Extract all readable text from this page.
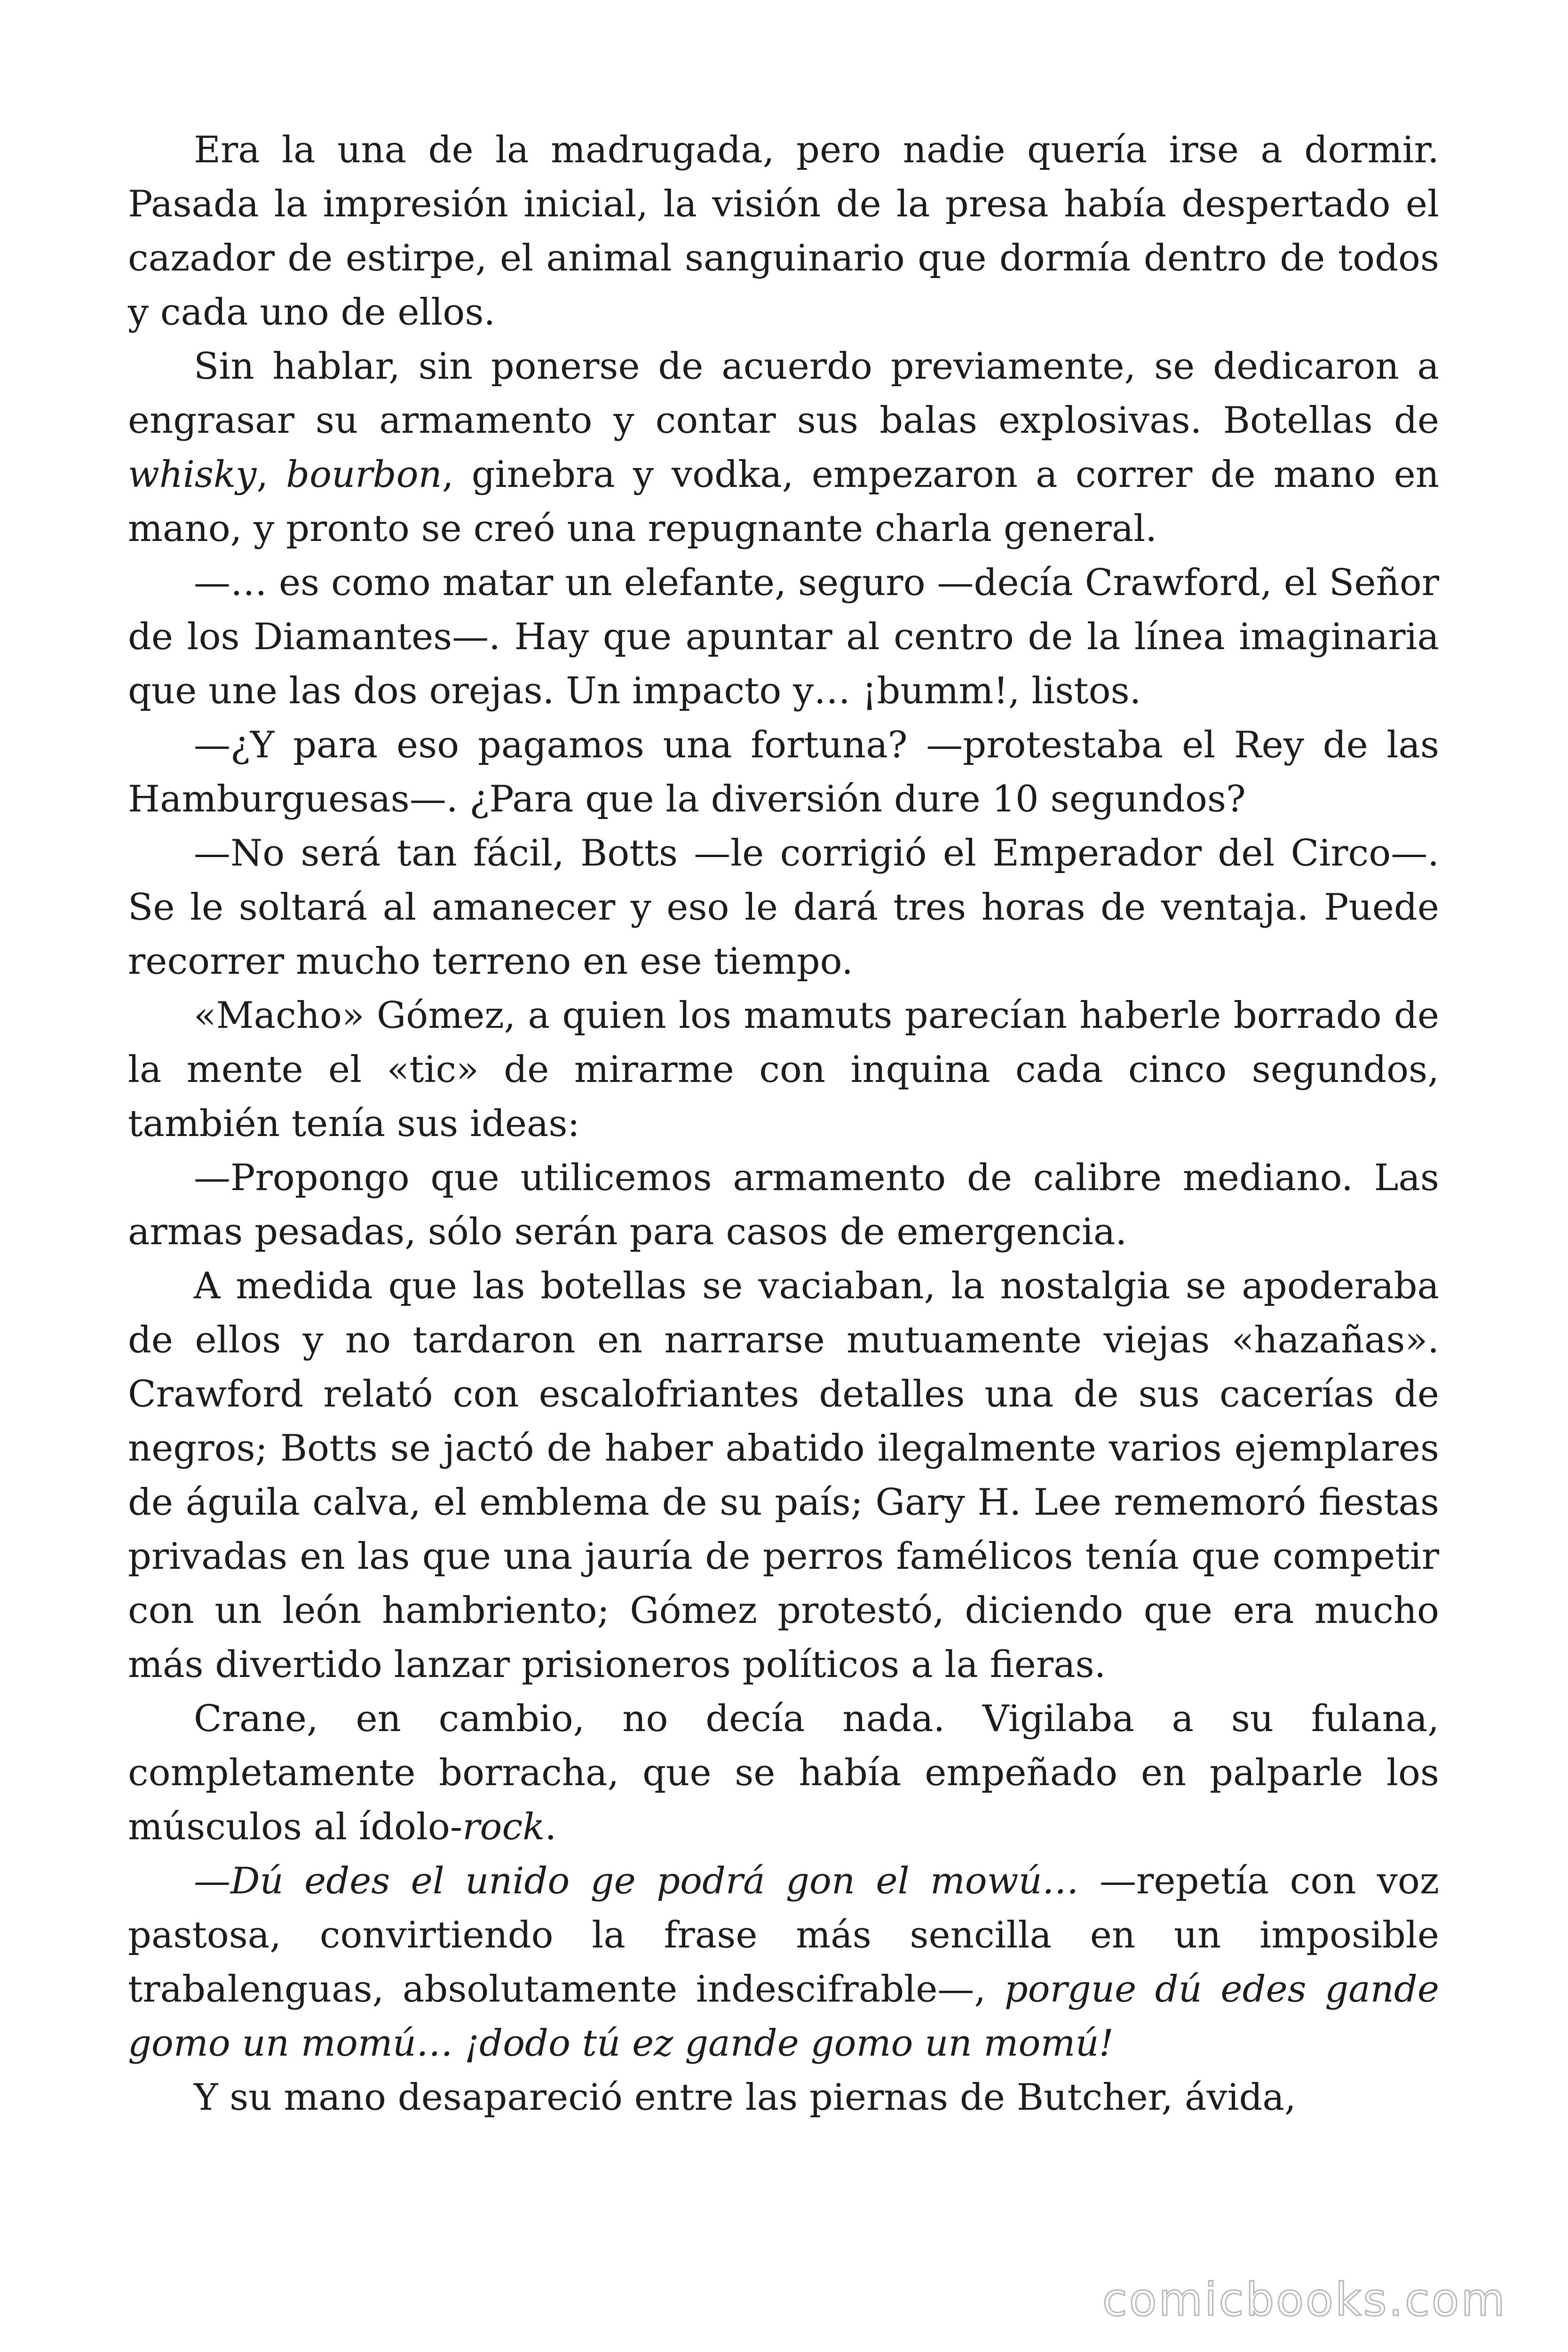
Era la una de la madrugada, pero nadie quería irse a dormir. Pasada la impresión inicial, la visión de la presa había despertado el cazador de estirpe, el animal sanguinario que dormía dentro de todos y cada uno de ellos.

Sin hablar, sin ponerse de acuerdo previamente, se dedicaron a engrasar su armamento y contar sus balas explosivas. Botellas de whisky, bourbon, ginebra y vodka, empezaron a correr de mano en mano, y pronto se creó una repugnante charla general.

—… es como matar un elefante, seguro —decía Crawford, el Señor de los Diamantes—. Hay que apuntar al centro de la línea imaginaria que une las dos orejas. Un impacto y… ¡bumm!, listos.

—¿Y para eso pagamos una fortuna? —protestaba el Rey de las Hamburguesas—. ¿Para que la diversión dure 10 segundos?

—No será tan fácil, Botts —le corrigió el Emperador del Circo—. Se le soltará al amanecer y eso le dará tres horas de ventaja. Puede recorrer mucho terreno en ese tiempo.

«Macho» Gómez, a quien los mamuts parecían haberle borrado de la mente el «tic» de mirarme con inquina cada cinco segundos, también tenía sus ideas:

—Propongo que utilicemos armamento de calibre mediano. Las armas pesadas, sólo serán para casos de emergencia.

A medida que las botellas se vaciaban, la nostalgia se apoderaba de ellos y no tardaron en narrarse mutuamente viejas «hazañas». Crawford relató con escalofriantes detalles una de sus cacerías de negros; Botts se jactó de haber abatido ilegalmente varios ejemplares de águila calva, el emblema de su país; Gary H. Lee rememoró fiestas privadas en las que una jauría de perros famélicos tenía que competir con un león hambriento; Gómez protestó, diciendo que era mucho más divertido lanzar prisioneros políticos a la fieras.

Crane, en cambio, no decía nada. Vigilaba a su fulana, completamente borracha, que se había empeñado en palparle los músculos al ídolo-rock.

—Dú edes el unido ge podrá gon el mowú… —repetía con voz pastosa, convirtiendo la frase más sencilla en un imposible trabalenguas, absolutamente indescifrable—, porgue dú edes gande gomo un momú… ¡dodo tú ez gande gomo un momú!

Y su mano desapareció entre las piernas de Butcher, ávida,

comicbooks.com
